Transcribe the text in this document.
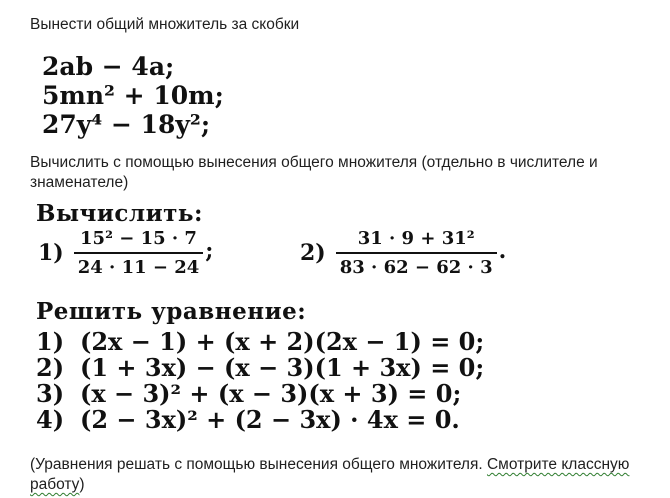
Вынести общий множитель за скобки
2ab − 4a;
5mn² + 10m;
27y⁴ − 18y²;
Вычислить с помощью вынесения общего множителя (отдельно в числителе и знаменателе)
Вычислить:
$1) \frac{\text{15² − 15 · 7}}{24 \cdot 11 - 24}$ ;	$2) \frac{\text{31 · 9 + 31²}}{83 \cdot 62 - 62 \cdot 3}$ .
Решить уравнение:
1) (2x − 1) + (x + 2)(2x − 1) = 0;
2) (1 + 3x) − (x − 3)(1 + 3x) = 0;
3) (x − 3)² + (x − 3)(x + 3) = 0;
4) (2 − 3x)² + (2 − 3x) · 4x = 0.
(Уравнения решать с помощью вынесения общего множителя. Смотрите классную работу)
